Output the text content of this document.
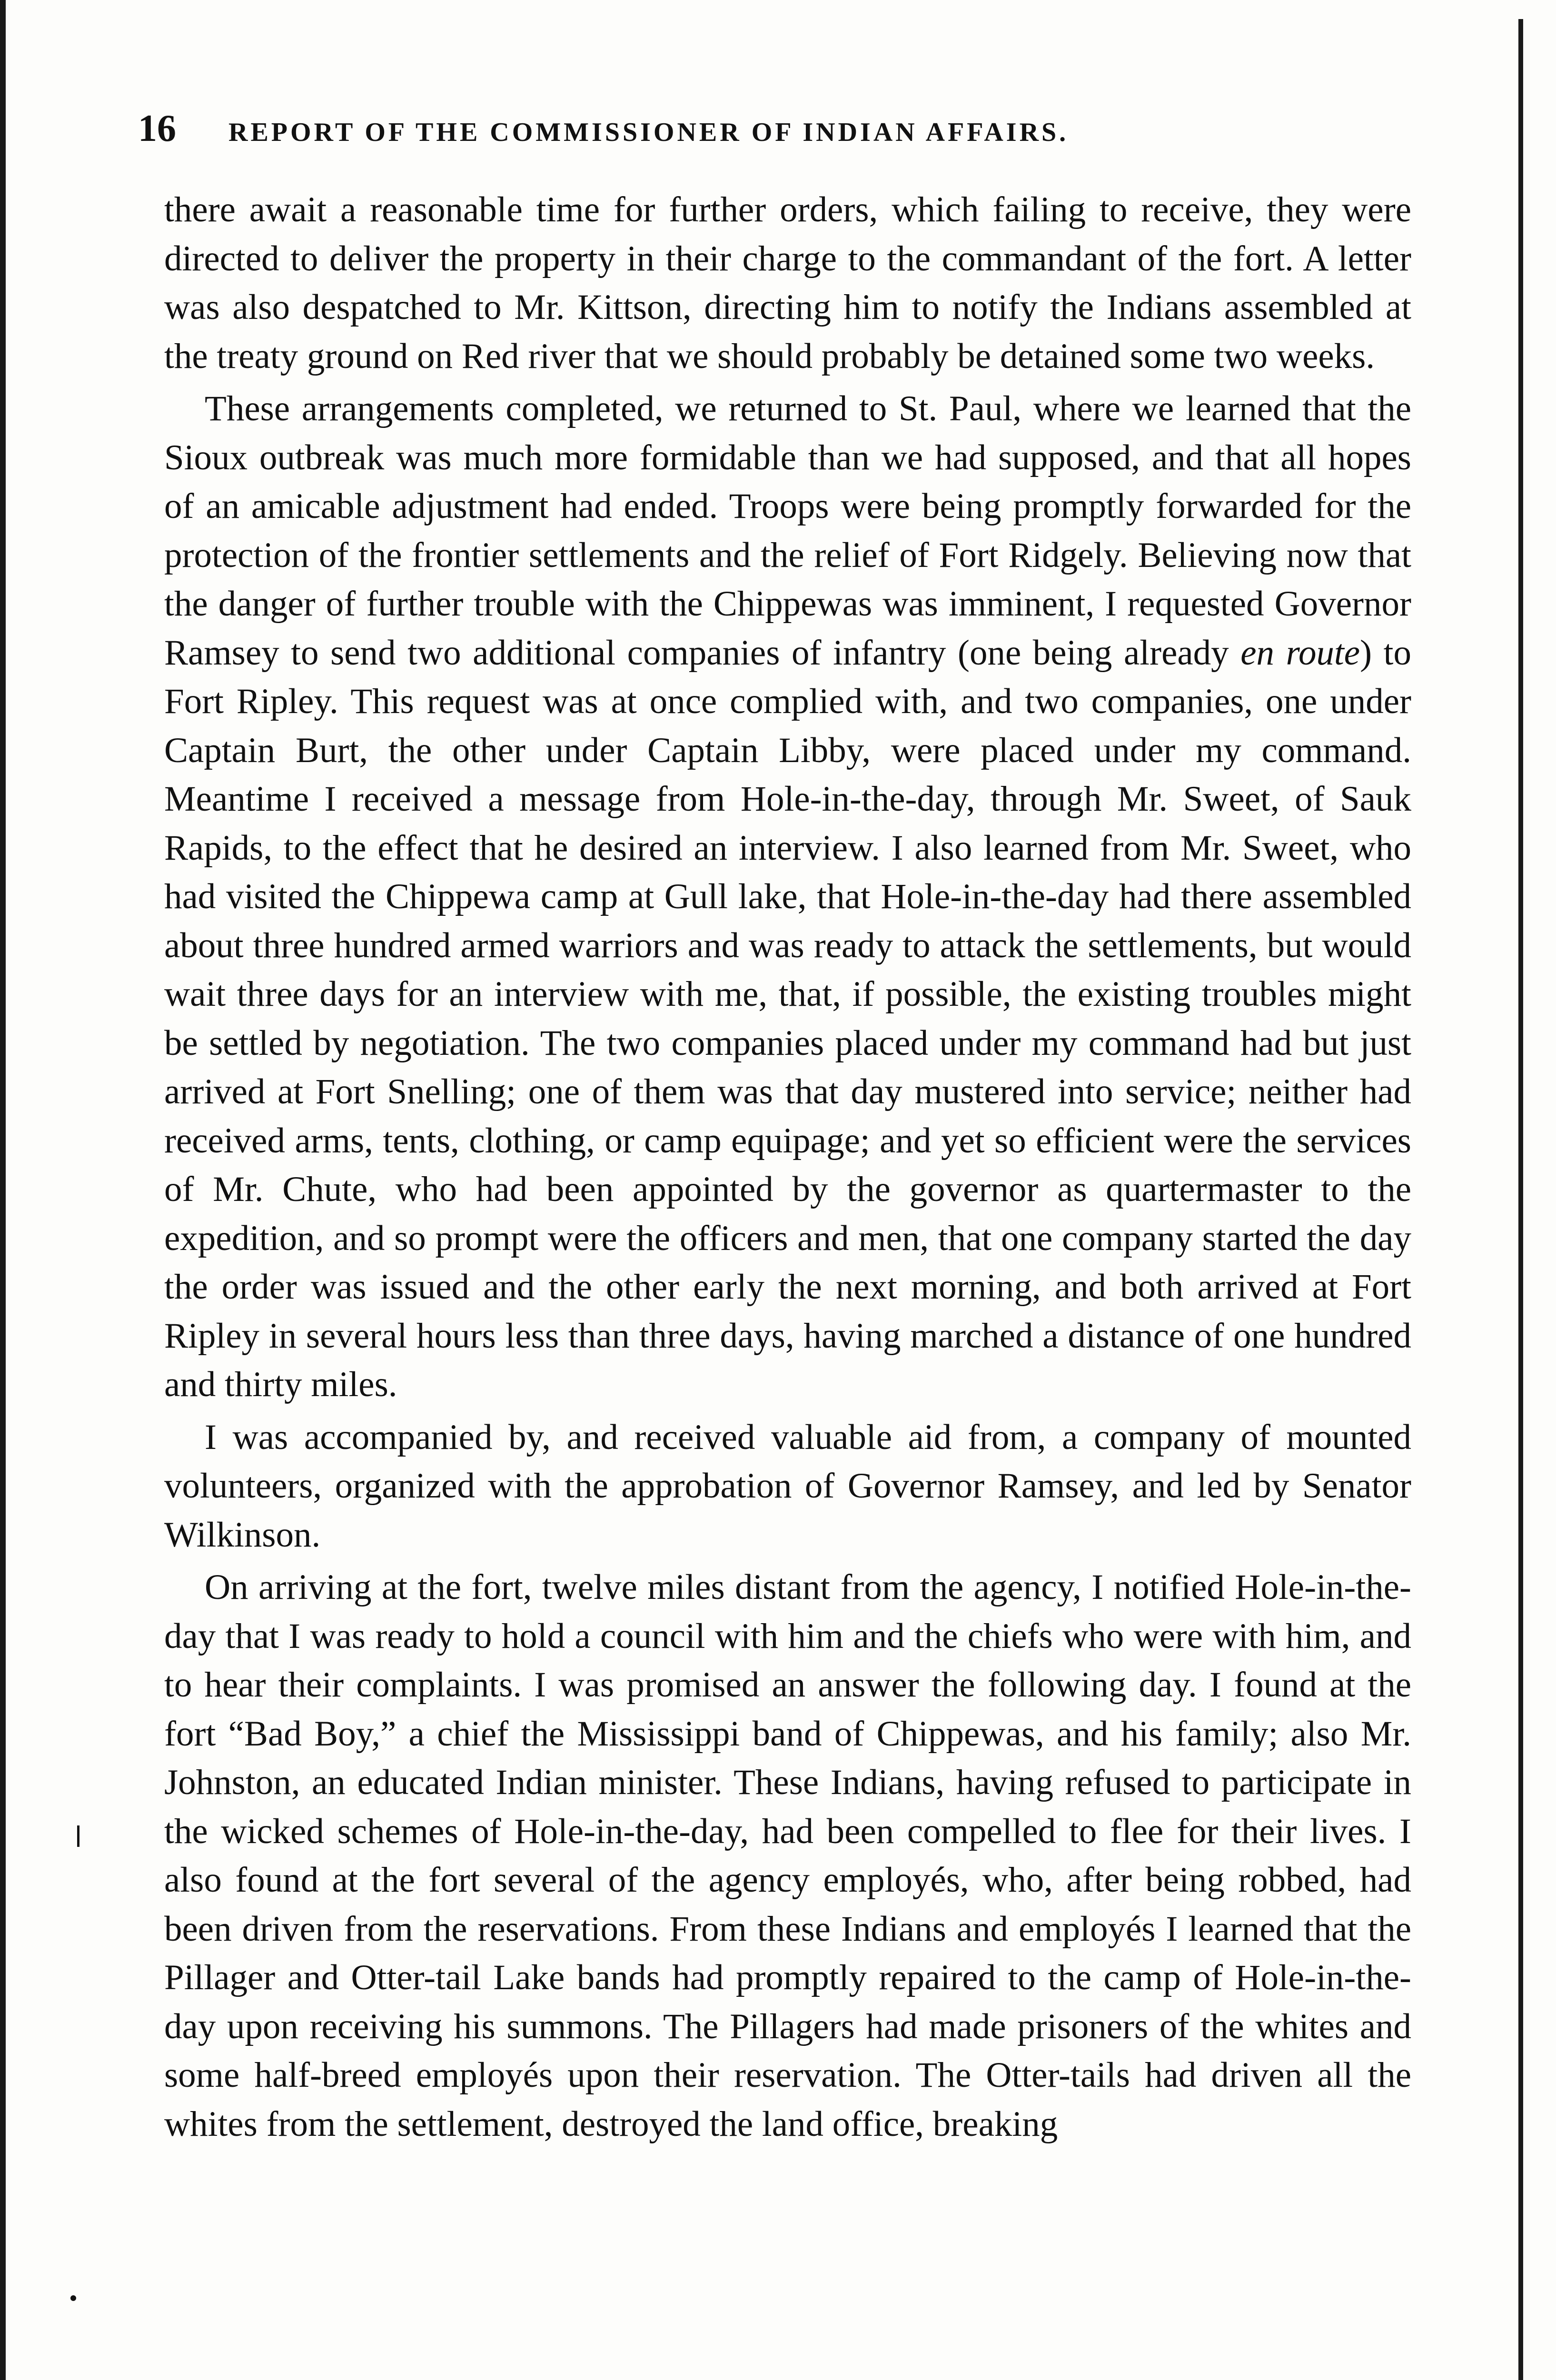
16 REPORT OF THE COMMISSIONER OF INDIAN AFFAIRS.

there await a reasonable time for further orders, which failing to receive, they were directed to deliver the property in their charge to the commandant of the fort. A letter was also despatched to Mr. Kittson, directing him to notify the Indians assembled at the treaty ground on Red river that we should probably be detained some two weeks.

These arrangements completed, we returned to St. Paul, where we learned that the Sioux outbreak was much more formidable than we had supposed, and that all hopes of an amicable adjustment had ended. Troops were being promptly forwarded for the protection of the frontier settlements and the relief of Fort Ridgely. Believing now that the danger of further trouble with the Chippewas was imminent, I requested Governor Ramsey to send two additional companies of infantry (one being already en route) to Fort Ripley. This request was at once complied with, and two companies, one under Captain Burt, the other under Captain Libby, were placed under my command. Meantime I received a message from Hole-in-the-day, through Mr. Sweet, of Sauk Rapids, to the effect that he desired an interview. I also learned from Mr. Sweet, who had visited the Chippewa camp at Gull lake, that Hole-in-the-day had there assembled about three hundred armed warriors and was ready to attack the settlements, but would wait three days for an interview with me, that, if possible, the existing troubles might be settled by negotiation. The two companies placed under my command had but just arrived at Fort Snelling; one of them was that day mustered into service; neither had received arms, tents, clothing, or camp equipage; and yet so efficient were the services of Mr. Chute, who had been appointed by the governor as quartermaster to the expedition, and so prompt were the officers and men, that one company started the day the order was issued and the other early the next morning, and both arrived at Fort Ripley in several hours less than three days, having marched a distance of one hundred and thirty miles.

I was accompanied by, and received valuable aid from, a company of mounted volunteers, organized with the approbation of Governor Ramsey, and led by Senator Wilkinson.

On arriving at the fort, twelve miles distant from the agency, I notified Hole-in-the-day that I was ready to hold a council with him and the chiefs who were with him, and to hear their complaints. I was promised an answer the following day. I found at the fort “Bad Boy,” a chief the Mississippi band of Chippewas, and his family; also Mr. Johnston, an educated Indian minister. These Indians, having refused to participate in the wicked schemes of Hole-in-the-day, had been compelled to flee for their lives. I also found at the fort several of the agency employés, who, after being robbed, had been driven from the reservations. From these Indians and employés I learned that the Pillager and Otter-tail Lake bands had promptly repaired to the camp of Hole-in-the-day upon receiving his summons. The Pillagers had made prisoners of the whites and some half-breed employés upon their reservation. The Otter-tails had driven all the whites from the settlement, destroyed the land office, breaking
